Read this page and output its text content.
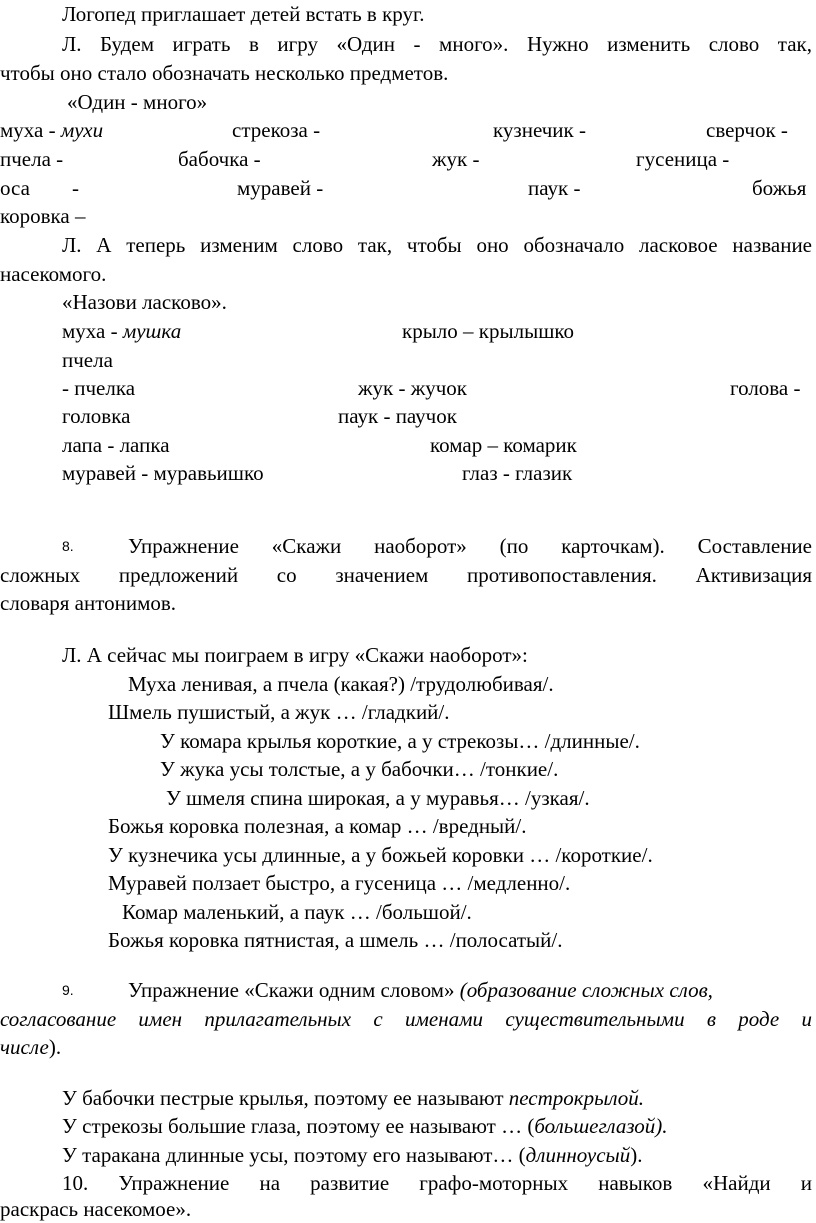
Логопед приглашает детей встать в круг.
Л. Будем играть в игру «Один - много». Нужно изменить слово так,
чтобы оно стало обозначать несколько предметов.
«Один - много»
муха - мухи	стрекоза -	кузнечик -	сверчок -
пчела -	бабочка -	жук -	гусеница -
оса -	муравей -	паук -	божья
коровка –
Л. А теперь изменим слово так, чтобы оно обозначало ласковое название
насекомого.
«Назови ласково».
муха - мушка	крыло – крылышко
пчела
- пчелка	жук - жучок	голова -
головка	паук - паучок
лапа - лапка	комар – комарик
муравей - муравьишко	глаз - глазик
8.	Упражнение «Скажи наоборот» (по карточкам). Составление
сложных предложений со значением противопоставления. Активизация
словаря антонимов.
Л. А сейчас мы поиграем в игру «Скажи наоборот»:
Муха ленивая, а пчела (какая?) /трудолюбивая/.
Шмель пушистый, а жук … /гладкий/.
У комара крылья короткие, а у стрекозы… /длинные/.
У жука усы толстые, а у бабочки… /тонкие/.
У шмеля спина широкая, а у муравья… /узкая/.
Божья коровка полезная, а комар … /вредный/.
У кузнечика усы длинные, а у божьей коровки … /короткие/.
Муравей ползает быстро, а гусеница … /медленно/.
Комар маленький, а паук … /большой/.
Божья коровка пятнистая, а шмель … /полосатый/.
9.	Упражнение «Скажи одним словом» (образование сложных слов,
согласование имен прилагательных с именами существительными в роде и
числе).
У бабочки пестрые крылья, поэтому ее называют пестрокрылой.
У стрекозы большие глаза, поэтому ее называют … (большеглазой).
У таракана длинные усы, поэтому его называют… (длинноусый).
10. Упражнение на развитие графо-моторных навыков «Найди и
раскрась насекомое».
